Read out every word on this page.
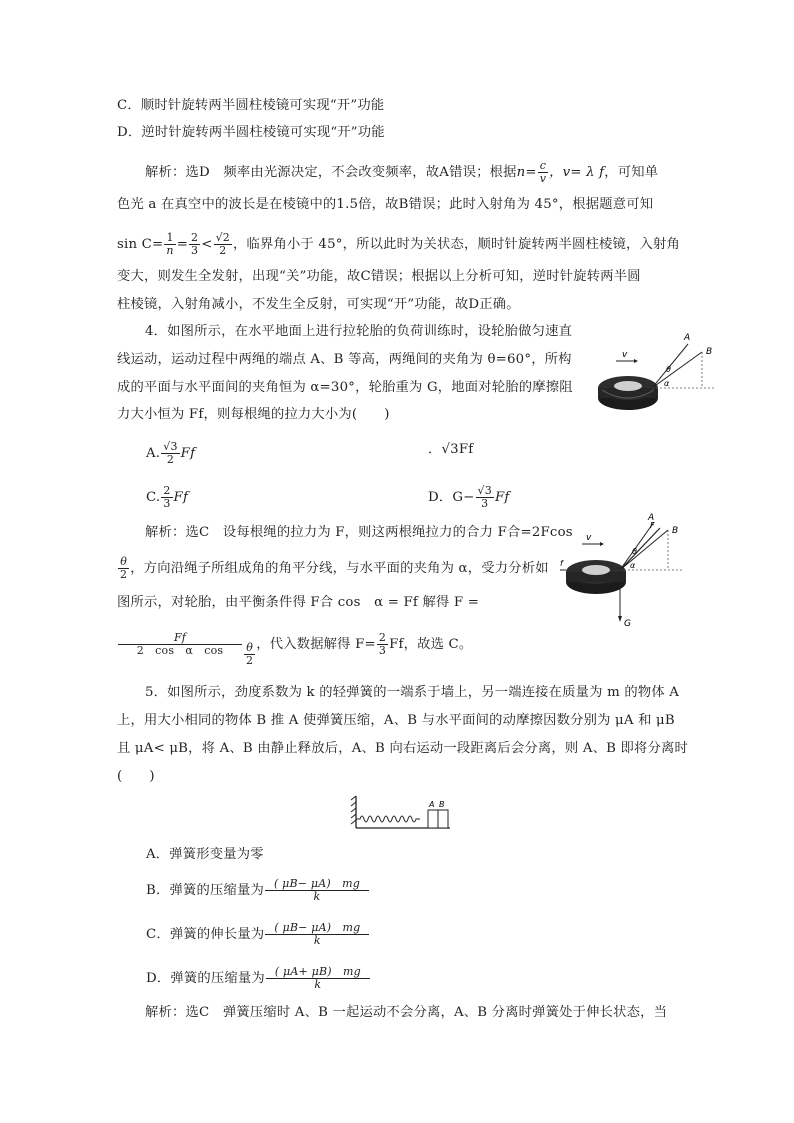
C．顺时针旋转两半圆柱棱镜可实现“开”功能
D．逆时针旋转两半圆柱棱镜可实现“开”功能
解析：选D　频率由光源决定，不会改变频率，故A错误；根据$n= \frac{c}{v}$ ，v= λ f，可知单
色光 a 在真空中的波长是在棱镜中的1.5倍，故B错误；此时入射角为 45°，根据题意可知
$\sin C= \frac{1}{n} = \frac{2}{3} < \frac{√2}{2}$ ，临界角小于 45°，所以此时为关状态，顺时针旋转两半圆柱棱镜，入射角
变大，则发生全发射，出现“关”功能，故C错误；根据以上分析可知，逆时针旋转两半圆
柱棱镜，入射角减小，不发生全反射，可实现“开”功能，故D正确。
4．如图所示，在水平地面上进行拉轮胎的负荷训练时，设轮胎做匀速直
线运动，运动过程中两绳的端点 A、B 等高，两绳间的夹角为 θ=60°，所构
成的平面与水平面间的夹角恒为 α=30°，轮胎重为 G，地面对轮胎的摩擦阻
力大小恒为 Ff，则每根绳的拉力大小为(　　)
v
A
B
θ
α
A. $\frac{√3}{2}$ Ff	．√3Ff
C. $\frac{2}{3}$ Ff	D．$G- \frac{√3}{3}$ Ff
解析：选C　设每根绳的拉力为 F，则这两根绳拉力的合力 F合=2Fcos
$\frac{\theta}{2}$ ，方向沿绳子所组成角的角平分线，与水平面的夹角为 α，受力分析如
图所示，对轮胎，由平衡条件得 F合 cos　α = Ff 解得 F =
$\frac{Ff}{\text{2　cos　α　cos}} \frac{\theta}{2}$ ，代入数据解得 $F= \frac{2}{3}$ Ff，故选 C。
v
A
B
F
θ
α
G
f
5．如图所示，劲度系数为 k 的轻弹簧的一端系于墙上，另一端连接在质量为 m 的物体 A
上，用大小相同的物体 B 推 A 使弹簧压缩，A、B 与水平面间的动摩擦因数分别为 μA 和 μB
且 μA< μB，将 A、B 由静止释放后，A、B 向右运动一段距离后会分离，则 A、B 即将分离时
(　　)
A B
A．弹簧形变量为零
B．弹簧的压缩量为 $\frac{( \mu B- \mu A) mg}{k}$
C．弹簧的伸长量为 $\frac{( \mu B- \mu A) mg}{k}$
D．弹簧的压缩量为 $\frac{( \mu A+ \mu B) mg}{k}$
解析：选C　弹簧压缩时 A、B 一起运动不会分离，A、B 分离时弹簧处于伸长状态，当
